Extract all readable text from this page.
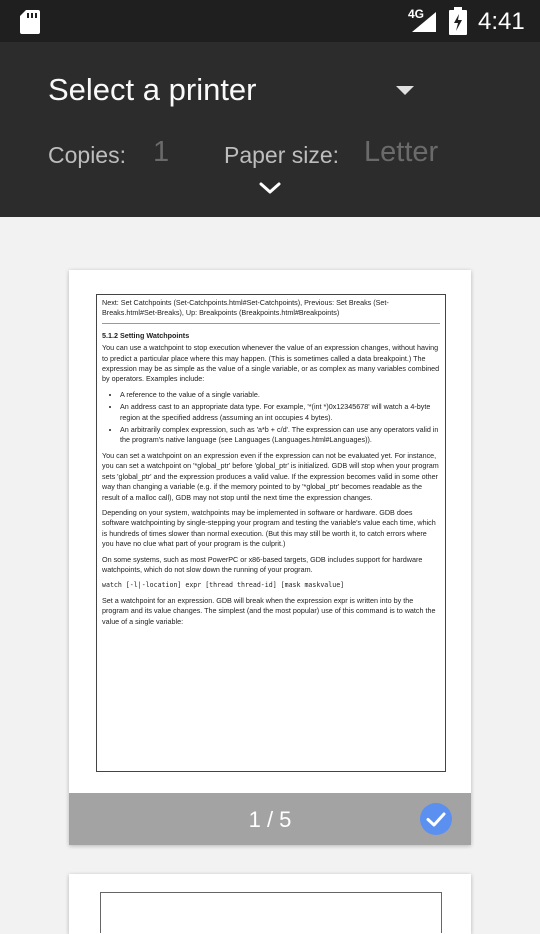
4G 4:41
Select a printer
Copies: 1 Paper size: Letter
Next: Set Catchpoints (Set-Catchpoints.html#Set-Catchpoints), Previous: Set Breaks (Set-Breaks.html#Set-Breaks), Up: Breakpoints (Breakpoints.html#Breakpoints)
5.1.2 Setting Watchpoints

You can use a watchpoint to stop execution whenever the value of an expression changes, without having to predict a particular place where this may happen. (This is sometimes called a data breakpoint.) The expression may be as simple as the value of a single variable, or as complex as many variables combined by operators. Examples include:

• A reference to the value of a single variable.
• An address cast to an appropriate data type. For example, '*(int *)0x12345678' will watch a 4-byte region at the specified address (assuming an int occupies 4 bytes).
• An arbitrarily complex expression, such as 'a*b + c/d'. The expression can use any operators valid in the program's native language (see Languages (Languages.html#Languages)).

You can set a watchpoint on an expression even if the expression can not be evaluated yet. For instance, you can set a watchpoint on '*global_ptr' before 'global_ptr' is initialized. GDB will stop when your program sets 'global_ptr' and the expression produces a valid value. If the expression becomes valid in some other way than changing a variable (e.g. if the memory pointed to by '*global_ptr' becomes readable as the result of a malloc call), GDB may not stop until the next time the expression changes.

Depending on your system, watchpoints may be implemented in software or hardware. GDB does software watchpointing by single-stepping your program and testing the variable's value each time, which is hundreds of times slower than normal execution. (But this may still be worth it, to catch errors where you have no clue what part of your program is the culprit.)

On some systems, such as most PowerPC or x86-based targets, GDB includes support for hardware watchpoints, which do not slow down the running of your program.

watch [-l|-location] expr [thread thread-id] [mask maskvalue]

Set a watchpoint for an expression. GDB will break when the expression expr is written into by the program and its value changes. The simplest (and the most popular) use of this command is to watch the value of a single variable:

1 / 5
